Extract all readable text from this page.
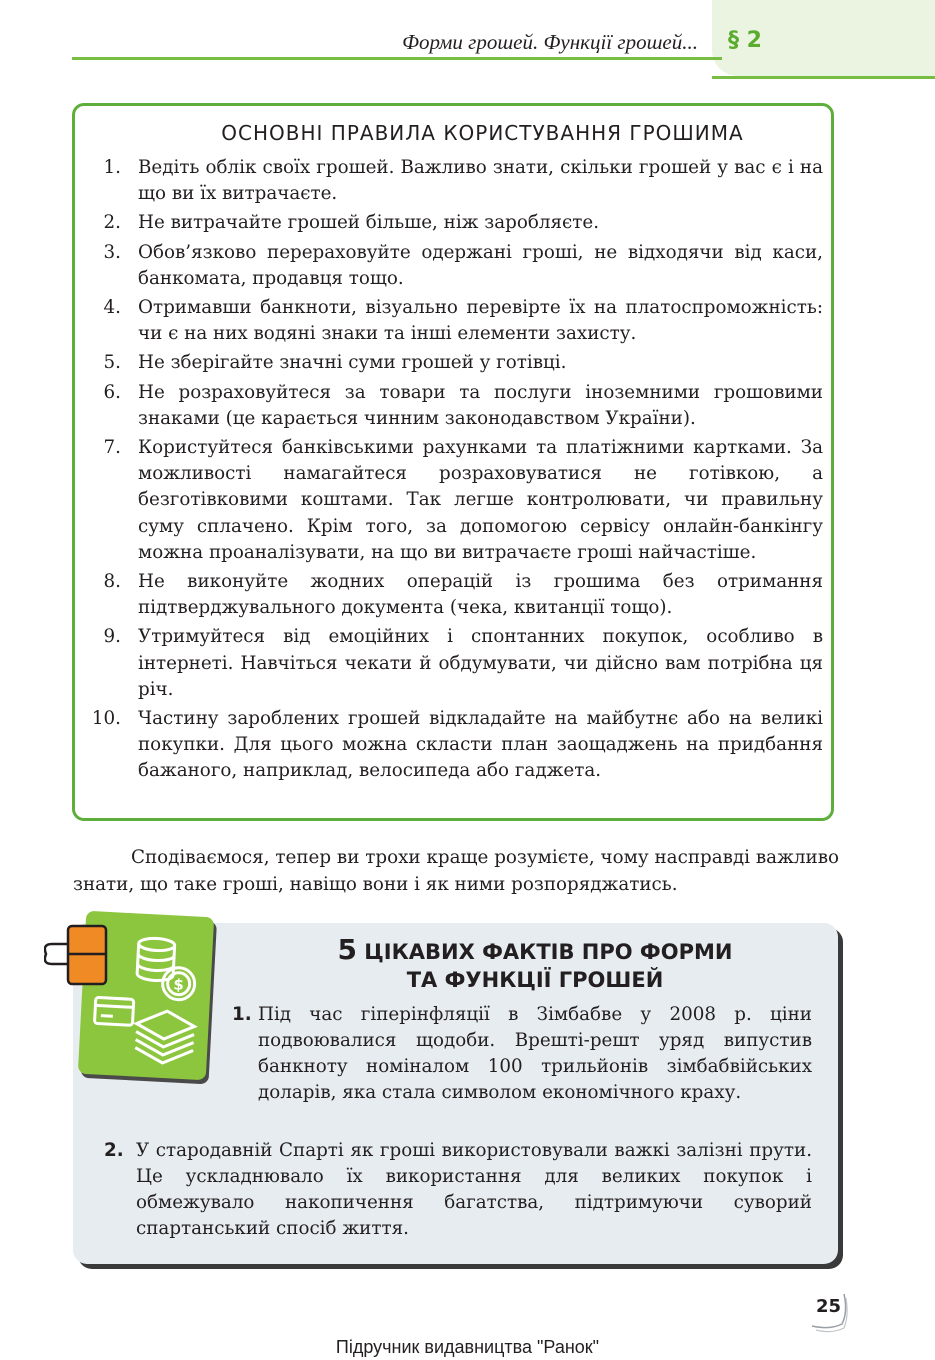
Форми грошей. Функції грошей... § 2
ОСНОВНІ ПРАВИЛА КОРИСТУВАННЯ ГРОШИМА
1. Ведіть облік своїх грошей. Важливо знати, скільки грошей у вас є і на що ви їх витрачаєте.
2. Не витрачайте грошей більше, ніж заробляєте.
3. Обов’язково перераховуйте одержані гроші, не відходячи від каси, банкомата, продавця тощо.
4. Отримавши банкноти, візуально перевірте їх на платоспроможність: чи є на них водяні знаки та інші елементи захисту.
5. Не зберігайте значні суми грошей у готівці.
6. Не розраховуйтеся за товари та послуги іноземними грошовими знаками (це карається чинним законодавством України).
7. Користуйтеся банківськими рахунками та платіжними картками. За можливості намагайтеся розраховуватися не готівкою, а безготівковими коштами. Так легше контролювати, чи правильну суму сплачено. Крім того, за допомогою сервісу онлайн-банкінгу можна проаналізувати, на що ви витрачаєте гроші найчастіше.
8. Не виконуйте жодних операцій із грошима без отримання підтверджувального документа (чека, квитанції тощо).
9. Утримуйтеся від емоційних і спонтанних покупок, особливо в інтернеті. Навчіться чекати й обдумувати, чи дійсно вам потрібна ця річ.
10. Частину зароблених грошей відкладайте на майбутнє або на великі покупки. Для цього можна скласти план заощаджень на придбання бажаного, наприклад, велосипеда або гаджета.
Сподіваємося, тепер ви трохи краще розумієте, чому насправді важливо знати, що таке гроші, навіщо вони і як ними розпоряджатись.
$
5 ЦІКАВИХ ФАКТІВ ПРО ФОРМИ
ТА ФУНКЦІЇ ГРОШЕЙ
1. Під час гіперінфляції в Зімбабве у 2008 р. ціни подвоювалися щодоби. Врешті-решт уряд випустив банкноту номіналом 100 трильйонів зімбабвійських доларів, яка стала символом економічного краху.
2. У стародавній Спарті як гроші використовували важкі залізні прути. Це ускладнювало їх використання для великих покупок і обмежувало накопичення багатства, підтримуючи суворий спартанський спосіб життя.
25
Підручник видавництва "Ранок"
